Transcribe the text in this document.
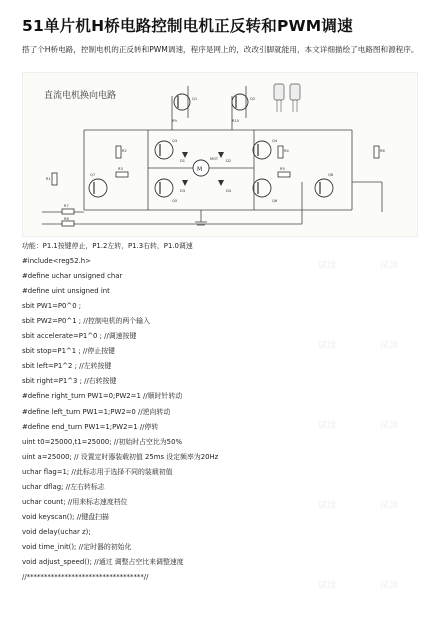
试读	试读
试读	试读
试读	试读
试读	试读
试读	试读
51单片机H桥电路控制电机正反转和PWM调速

搭了个H桥电路，控制电机的正反转和PWM调速，程序是网上的，改改引脚就能用，本文详细描绘了电路图和源程序。

直流电机换向电路
M
Q1	Q2
Q3	Q4
Q5	Q6
Q7	Q8
R1
R2
R3
R4
R5
R6
R7
R8
R9	R10
D1	D2
D3	D4
MOT
功能：P1.1按键停止，P1.2左转，P1.3右转，P1.0调速
#include<reg52.h>
#define uchar unsigned char
#define uint unsigned int
sbit PW1=P0^0 ;
sbit PW2=P0^1 ; //控制电机的两个输入
sbit accelerate=P1^0 ; //调速按键
sbit stop=P1^1 ; //停止按键
sbit left=P1^2 ; //左转按键
sbit right=P1^3 ; //右转按键
#define right_turn PW1=0;PW2=1 //顺时针转动
#define left_turn PW1=1;PW2=0 //逆向转动
#define end_turn PW1=1;PW2=1 //停转
uint t0=25000,t1=25000; //初始时占空比为50%
uint a=25000; // 设置定时器装载初值 25ms 设定频率为20Hz
uchar flag=1; //此标志用于选择不同的装载初值
uchar dflag; //左右转标志
uchar count; //用来标志速度档位
void keyscan(); //键盘扫描
void delay(uchar z);
void time_init(); //定时器的初始化
void adjust_speed(); //通过 调整占空比来调整速度
//**********************************//
